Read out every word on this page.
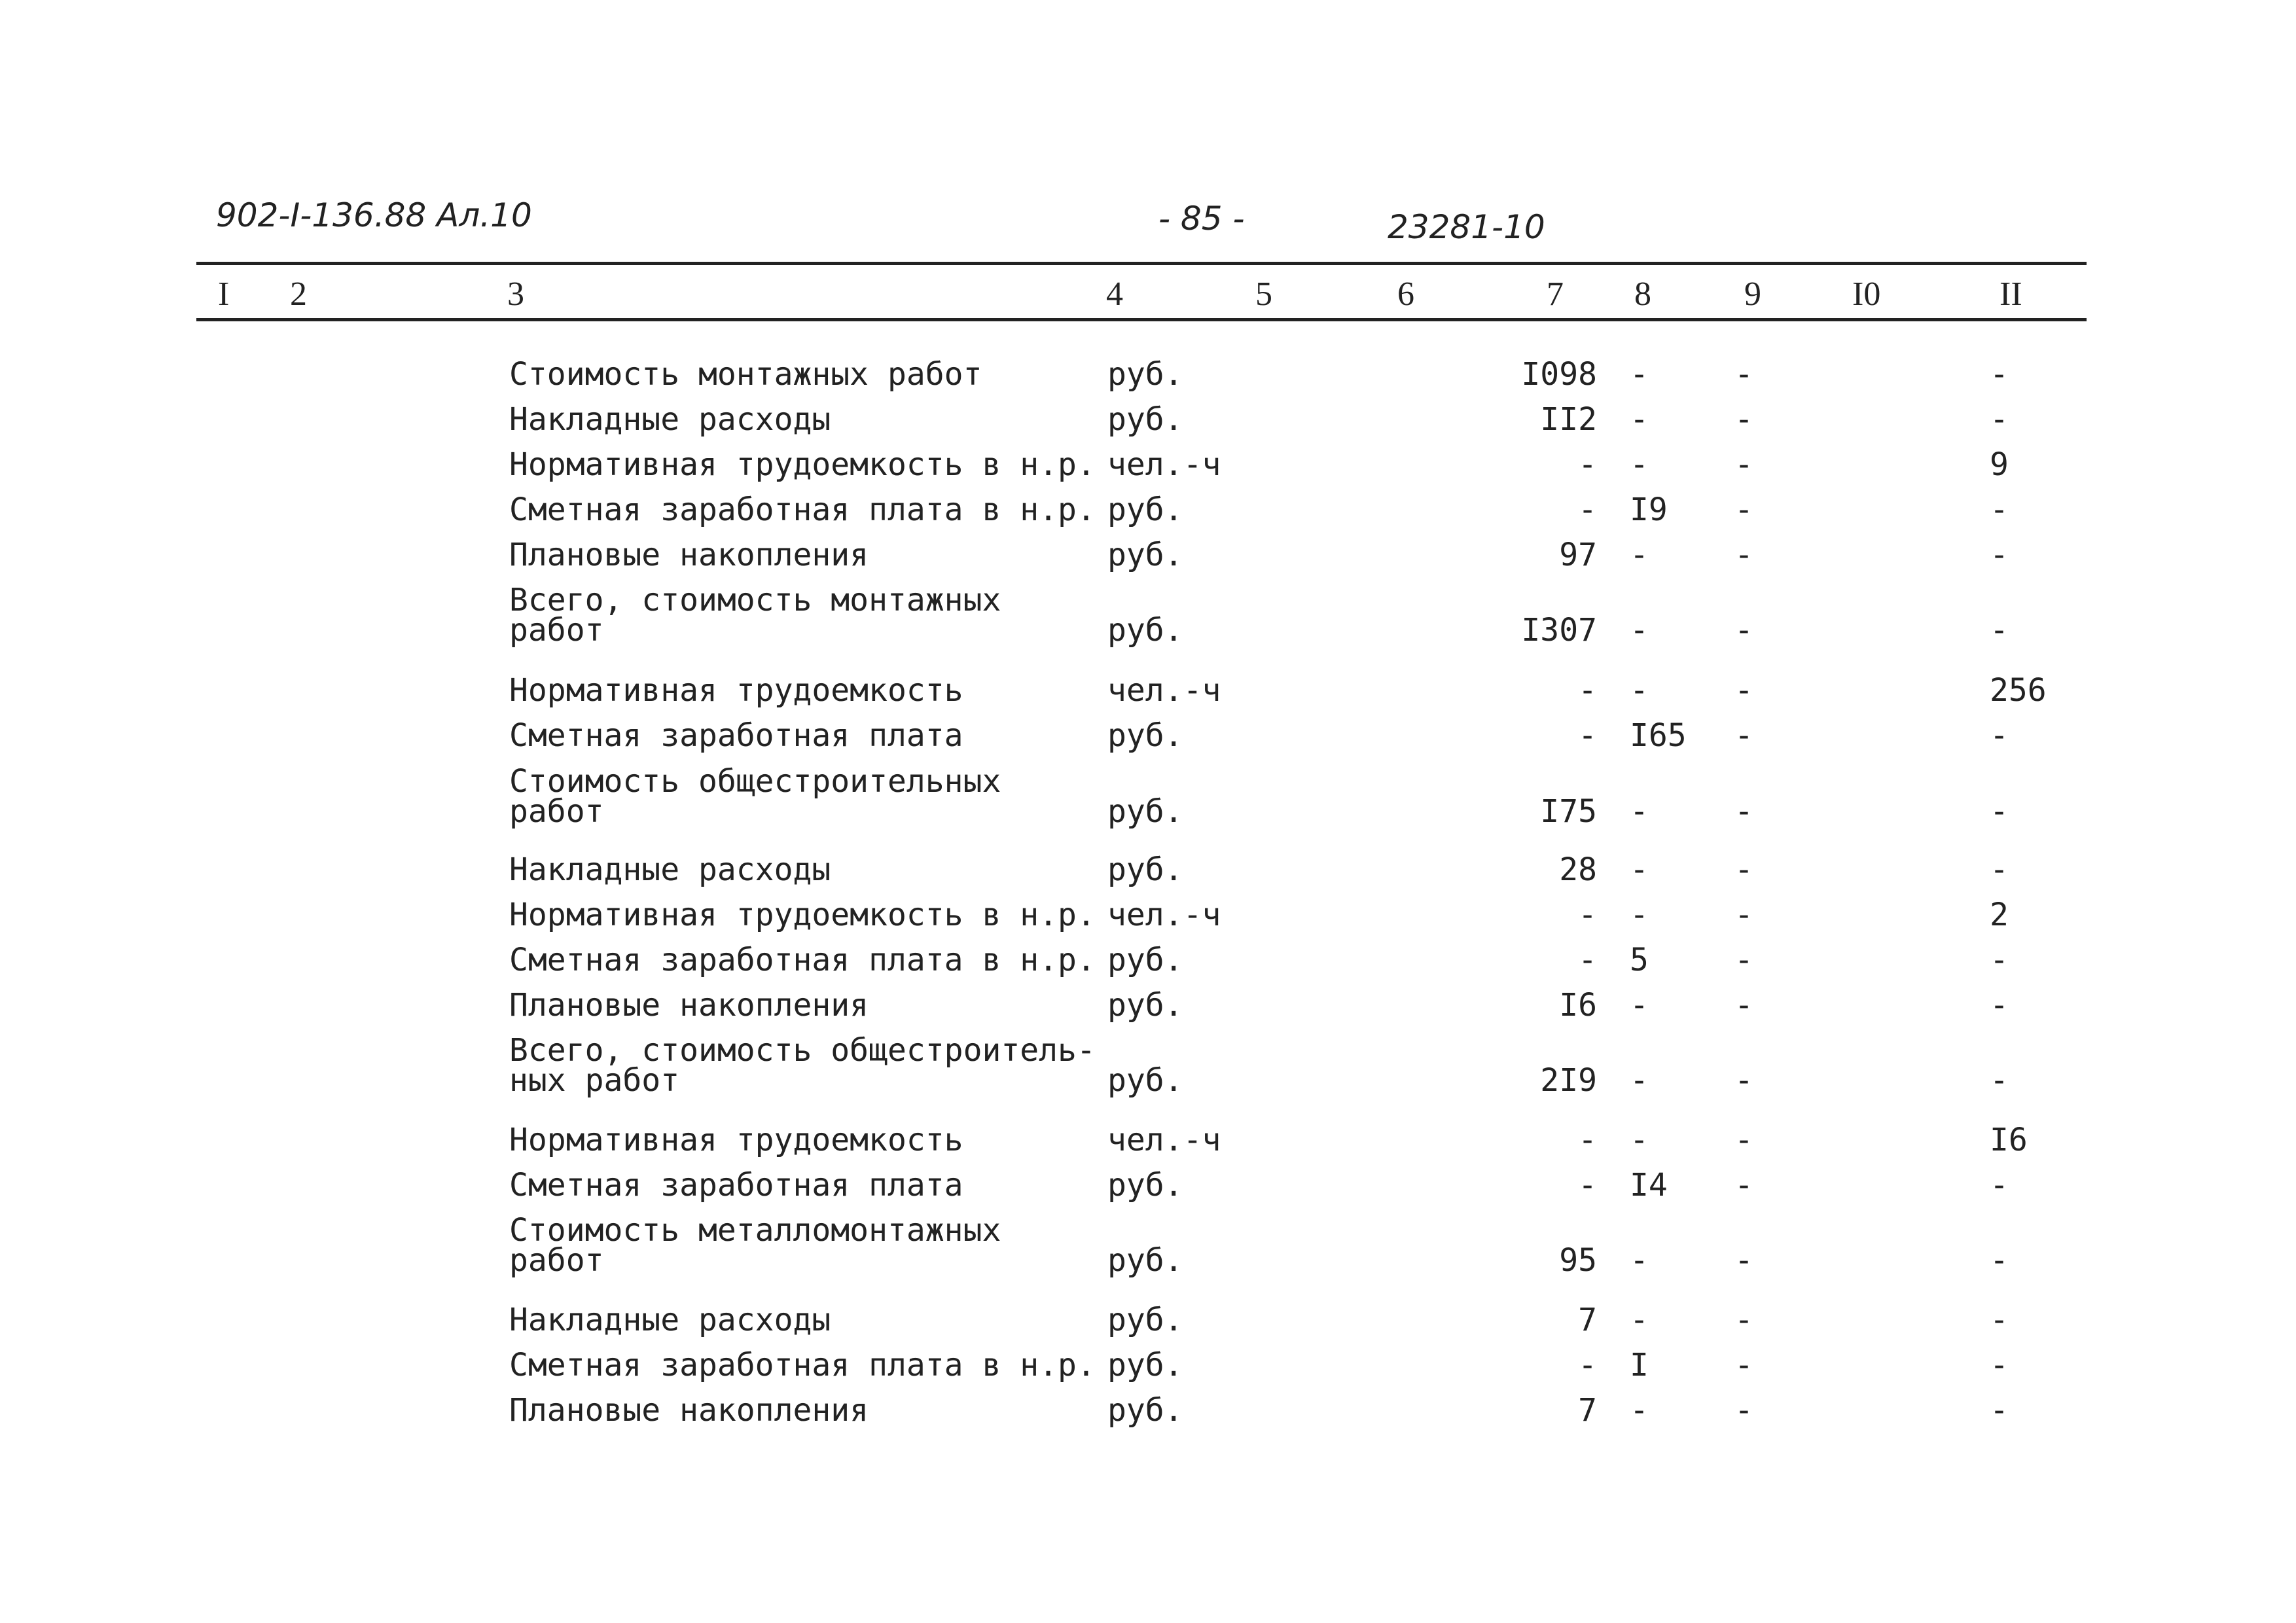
902-I-136.88 Ал.10	- 85 -	23281-10
I 2	3	4	5	6	7 8	9	I0	II
Стоимость монтажных работ	руб.	I098 -	-	-
Накладные расходы	руб.	II2 -	-	-
Нормативная трудоемкость в н.р. чел.-ч	- -	-	9
Сметная заработная плата в н.р. руб.	- I9	-	-
Плановые накопления	руб.	97 -	-	-
Всего, стоимость монтажных
работ	руб.	I307 -	-	-
Нормативная трудоемкость	чел.-ч	- -	-	256
Сметная заработная плата	руб.	- I65	-	-
Стоимость общестроительных
работ	руб.	I75 -	-	-
Накладные расходы	руб.	28 -	-	-
Нормативная трудоемкость в н.р. чел.-ч	- -	-	2
Сметная заработная плата в н.р. руб.	- 5	-	-
Плановые накопления	руб.	I6 -	-	-
Всего, стоимость общестроитель-
ных работ	руб.	2I9 -	-	-
Нормативная трудоемкость	чел.-ч	- -	-	I6
Сметная заработная плата	руб.	- I4	-	-
Стоимость металломонтажных
работ	руб.	95 -	-	-
Накладные расходы	руб.	7 -	-	-
Сметная заработная плата в н.р. руб.	- I	-	-
Плановые накопления	руб.	7 -	-	-
